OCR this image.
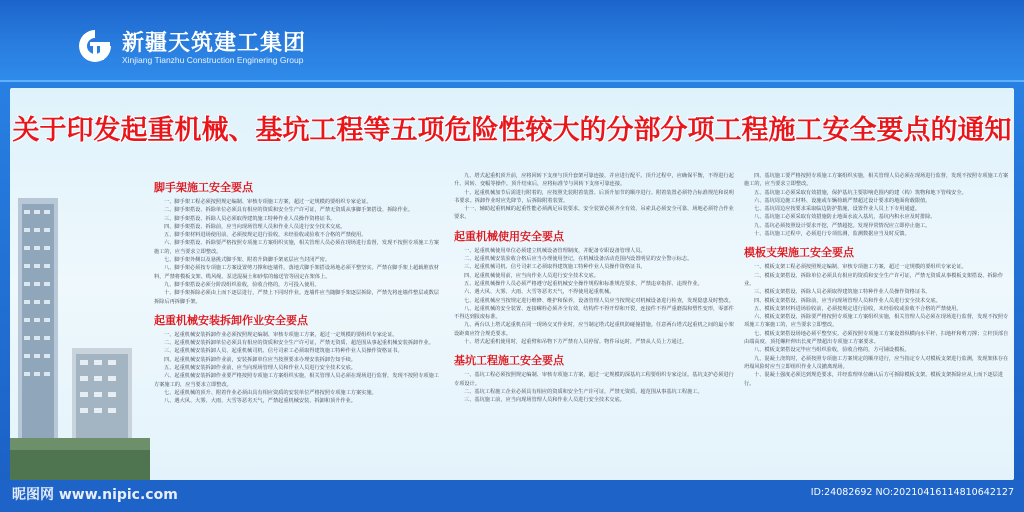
新疆天筑建工集团
Xinjiang Tianzhu Construction Enginering Group
关于印发起重机械、基坑工程等五项危险性较大的分部分项工程施工安全要点的通知
脚手架施工安全要点
一、脚手架工程必须按照规定编制、审核专项施工方案，超过一定规模的要组织专家论证。
二、脚手架搭设、拆除单位必须具有相应的资质和安全生产许可证，严禁无资质从事脚手架搭设、拆除作业。
三、脚手架搭设、拆除人员必须取得建筑施工特种作业人员操作资格证书。
四、脚手架搭设、拆除前，应当向现场管理人员和作业人员进行安全技术交底。
五、脚手架材料进场使用前，必须按规定进行验收，未经验收或验收不合格的严禁使用。
六、脚手架搭设、拆除要严格按照专项施工方案组织实施，相关管理人员必须在现场进行监督，发现不按照专项施工方案施工的，应当要求立即整改。
七、脚手架外侧以及悬挑式脚手架、附着升降脚手架底层应当封闭严密。
八、脚手架必须按专项施工方案设置剪刀撑和连墙件。落地式脚手架搭设场地必须平整坚实。严禁在脚手架上超载堆放材料，严禁将模板支架、缆风绳、泵送混凝土和砂浆的输送管等固定在架体上。
九、脚手架搭设必须分阶段组织验收，验收合格的，方可投入使用。
十、脚手架拆除必须由上而下逐层进行，严禁上下同时作业。连墙件应当随脚手架逐层拆除，严禁先将连墙件整层或数层拆除后再拆脚手架。
起重机械安装拆卸作业安全要点
一、起重机械安装拆卸作业必须按照规定编制、审核专项施工方案，超过一定规模的要组织专家论证。
二、起重机械安装拆卸单位必须具有相应的资质和安全生产许可证，严禁无资质、超范围从事起重机械安装拆卸作业。
三、起重机械安装拆卸人员、起重机械司机、信号司索工必须取得建筑施工特种作业人员操作资格证书。
四、起重机械安装拆卸作业前，安装拆卸单位应当按照要求办理安装拆卸告知手续。
五、起重机械安装拆卸作业前，应当向现场管理人员和作业人员进行安全技术交底。
六、起重机械安装拆卸作业要严格按照专项施工方案组织实施，相关管理人员必须在现场进行监督，发现不按照专项施工方案施工的，应当要求立即整改。
七、起重机械的顶升、附着作业必须由具有相应资质的安装单位严格按照专项施工方案实施。
八、遇大风、大雾、大雨、大雪等恶劣天气，严禁起重机械安装、拆卸和顶升作业。
九、塔式起重机顶升前，应将回转下支座与顶升套架可靠连接，并应进行配平。顶升过程中，应确保平衡，不得进行起升、回转、变幅等操作。顶升结束后，应将标准节与回转下支座可靠连接。
十、起重机械加节后需进行附着的，应按照先装附着装置、后顶升加节的顺序进行。附着装置必须符合标准规范和说明书要求。拆卸作业时应先降节，后拆除附着装置。
十一、辅助起重机械的起重性能必须满足吊装要求，安全装置必须齐全有效，吊索具必须安全可靠，场地必须符合作业要求。
起重机械使用安全要点
一、起重机械使用单位必须建立机械设备管理制度，并配备专职设备管理人员。
二、起重机械安装验收合格后应当办理使用登记，在机械设备活动范围内设置明显的安全警示标志。
三、起重机械司机、信号司索工必须取得建筑施工特种作业人员操作资格证书。
四、起重机械使用前，应当向作业人员进行安全技术交底。
五、起重机械操作人员必须严格遵守起重机械安全操作规程和标准规范要求，严禁违章指挥、违规作业。
六、遇大风、大雾、大雨、大雪等恶劣天气，不得使用起重机械。
七、起重机械应当按规定进行维修、维护和保养，设备管理人员应当按规定对机械设备进行检查，发现隐患及时整改。
八、起重机械的安全装置、连接螺栓必须齐全有效，结构件不得开焊和开裂，连接件不得严重磨损和塑性变形，零部件不得达到报废标准。
九、两台以上塔式起重机在同一现场交叉作业时，应当制定塔式起重机防碰撞措施。任意两台塔式起重机之间的最小架设距离应符合规范要求。
十、塔式起重机使用时，起重臂和吊物下方严禁有人员停留。物件吊运时，严禁从人员上方通过。
基坑工程施工安全要点
一、基坑工程必须按照规定编制、审核专项施工方案，超过一定规模的深基坑工程要组织专家论证。基坑支护必须进行专项设计。
二、基坑工程施工企业必须具有相应的资质和安全生产许可证，严禁无资质、超范围从事基坑工程施工。
三、基坑施工前，应当向现场管理人员和作业人员进行安全技术交底。
四、基坑施工要严格按照专项施工方案组织实施，相关管理人员必须在现场进行监督，发现不按照专项施工方案施工的，应当要求立即整改。
五、基坑施工必须采取有效措施，保护基坑主要影响范围内的建（构）筑物和地下管线安全。
六、基坑周边施工材料、设施或车辆荷载严禁超过设计要求的地面荷载限值。
七、基坑周边应按要求采取临边防护措施，设置作业人员上下专用通道。
八、基坑施工必须采取有效措施防止地面水流入基坑，基坑内积水应及时排除。
九、基坑必须按照设计要求开挖，严禁超挖。发现异常情况应立即停止施工。
十、基坑施工过程中，必须进行专项监测，监测数据应当及时反馈。
模板支架施工安全要点
一、模板支架工程必须按照规定编制、审核专项施工方案，超过一定规模的要组织专家论证。
二、模板支架搭设、拆除单位必须具有相应的资质和安全生产许可证，严禁无资质从事模板支架搭设、拆除作业。
三、模板支架搭设、拆除人员必须取得建筑施工特种作业人员操作资格证书。
四、模板支架搭设、拆除前，应当向现场管理人员和作业人员进行安全技术交底。
五、模板支架材料进场验收前，必须按规定进行验收，未经验收或验收不合格的严禁使用。
六、模板支架搭设、拆除要严格按照专项施工方案组织实施，相关管理人员必须在现场进行监督，发现不按照专项施工方案施工的，应当要求立即整改。
七、模板支架搭设场地必须平整坚实。必须按照专项施工方案设置纵横向水平杆、扫地杆和剪刀撑；立杆顶部自由端高度、顶托螺杆伸出长度严禁超出专项施工方案要求。
八、模板支架搭设完毕应当组织验收，验收合格的，方可铺设模板。
九、混凝土浇筑时，必须按照专项施工方案规定的顺序进行，应当指定专人对模板支架进行监测，发现架体存在坍塌风险时应当立即组织作业人员撤离现场。
十、混凝土强度必须达到规范要求，并经监理单位确认后方可拆除模板支架。模板支架拆除应从上而下逐层进行。
昵图网 www.nipic.com	ID:24082692 NO:20210416114810642127
